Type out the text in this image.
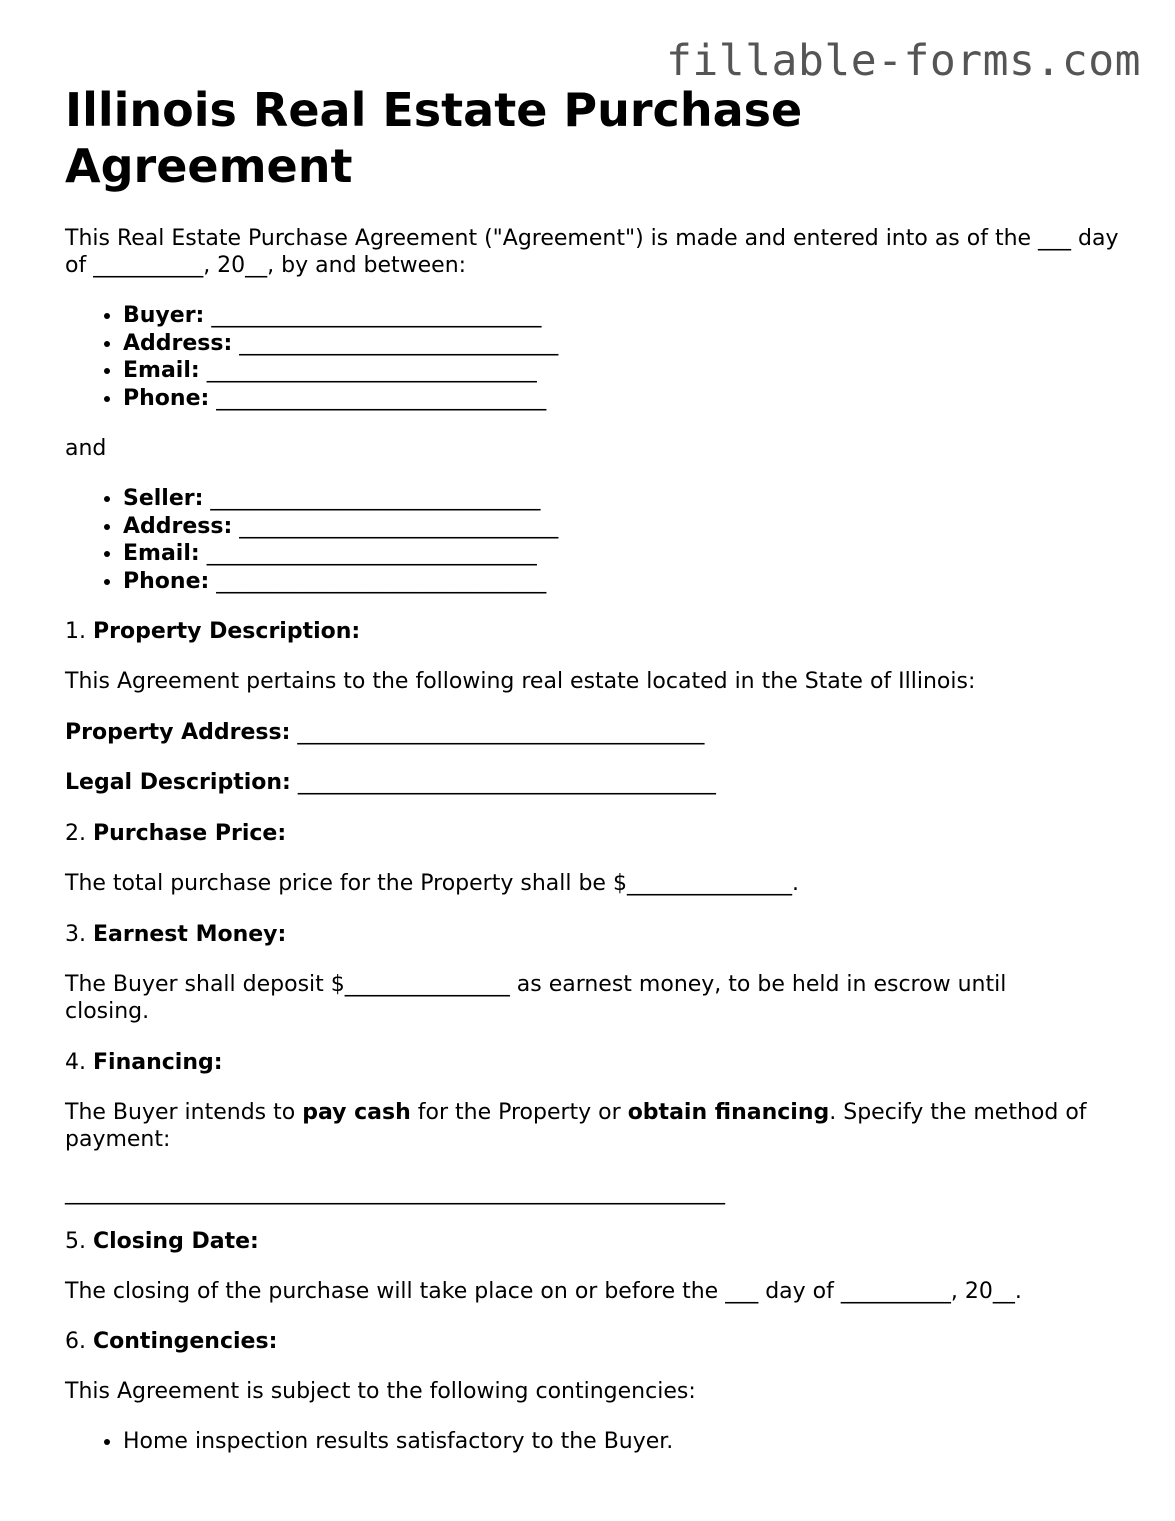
fillable-forms.com
Illinois Real Estate Purchase Agreement
This Real Estate Purchase Agreement ("Agreement") is made and entered into as of the ___ day of __________, 20__, by and between:
• Buyer: ______________________________
• Address: _____________________________
• Email: ______________________________
• Phone: ______________________________
and
• Seller: ______________________________
• Address: _____________________________
• Email: ______________________________
• Phone: ______________________________
1. Property Description:
This Agreement pertains to the following real estate located in the State of Illinois:
Property Address: _____________________________________
Legal Description: ______________________________________
2. Purchase Price:
The total purchase price for the Property shall be $_______________.
3. Earnest Money:
The Buyer shall deposit $_______________ as earnest money, to be held in escrow until closing.
4. Financing:
The Buyer intends to pay cash for the Property or obtain financing. Specify the method of payment:
____________________________________________________________
5. Closing Date:
The closing of the purchase will take place on or before the ___ day of __________, 20__.
6. Contingencies:
This Agreement is subject to the following contingencies:
• Home inspection results satisfactory to the Buyer.
